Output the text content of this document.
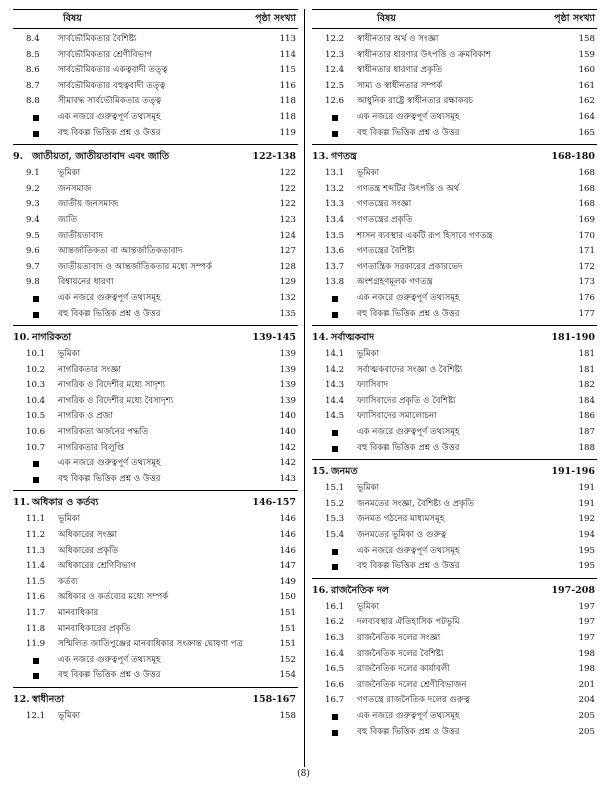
বিষয়	পৃষ্ঠা সংখ্যা
8.4 সার্বভৌমিকতার বৈশিষ্ট্য	113
8.5 সার্বভৌমিকতার শ্রেণীবিভাগ	114
8.6 সার্বভৌমিকতার একত্ববাদী তত্ত্ব	115
8.7 সার্বভৌমিকতার বহুত্ববাদী তত্ত্ব	116
8.8 সীমাবদ্ধ সার্বভৌমিকতার তত্ত্ব	118
এক নজরে গুরুত্বপূর্ণ তথ্যসমূহ	118
বহু বিকল্প ভিত্তিক প্রশ্ন ও উত্তর	119
9. জাতীয়তা, জাতীয়তাবাদ এবং জাতি	122-138
9.1 ভূমিকা	122
9.2 জনসমাজ	122
9.3 জাতীয় জনসমাজ	122
9.4 জাতি	123
9.5 জাতীয়তাবাদ	124
9.6 আন্তর্জাতিকতা বা আন্তর্জাতিকতাবাদ	127
9.7 জাতীয়তাবাদ ও আন্তর্জাতিকতার মধ্যে সম্পর্ক	128
9.8 বিশ্বায়নের ধারণা	129
এক নজরে গুরুত্বপূর্ণ তথ্যসমূহ	132
বহু বিকল্প ভিত্তিক প্রশ্ন ও উত্তর	135
10. নাগরিকতা	139-145
10.1 ভূমিকা	139
10.2 নাগরিকতার সংজ্ঞা	139
10.3 নাগরিক ও বিদেশীর মধ্যে সাদৃশ্য	139
10.4 নাগরিক ও বিদেশীর মধ্যে বৈসাদৃশ্য	139
10.5 নাগরিক ও প্রজা	140
10.6 নাগরিকতা অর্জনের পদ্ধতি	140
10.7 নাগরিকতার বিলুপ্তি	142
এক নজরে গুরুত্বপূর্ণ তথ্যসমূহ	142
বহু বিকল্প ভিত্তিক প্রশ্ন ও উত্তর	143
11. অধিকার ও কর্তব্য	146-157
11.1 ভূমিকা	146
11.2 অধিকারের সংজ্ঞা	146
11.3 অধিকারের প্রকৃতি	146
11.4 অধিকারের শ্রেণিবিভাগ	147
11.5 কর্তব্য	149
11.6 অধিকার ও কর্তব্যের মধ্যে সম্পর্ক	150
11.7 মানবাধিকার	151
11.8 মানবাধিকারের প্রকৃতি	151
11.9 সম্মিলিত জাতিপুঞ্জের মানবাধিকার সংক্রান্ত ঘোষণা পত্র	151
এক নজরে গুরুত্বপূর্ণ তথ্যসমূহ	152
বহু বিকল্প ভিত্তিক প্রশ্ন ও উত্তর	154
12. স্বাধীনতা	158-167
12.1 ভূমিকা	158
বিষয়	পৃষ্ঠা সংখ্যা
12.2 স্বাধীনতার অর্থ ও সংজ্ঞা	158
12.3 স্বাধীনতার ধারণার উৎপত্তি ও ক্রমবিকাশ	159
12.4 স্বাধীনতার ধারণার প্রকৃতি	160
12.5 সাম্য ও স্বাধীনতার সম্পর্ক	161
12.6 আধুনিক রাষ্ট্রে স্বাধীনতার রক্ষাকবচ	162
এক নজরে গুরুত্বপূর্ণ তথ্যসমূহ	164
বহু বিকল্প ভিত্তিক প্রশ্ন ও উত্তর	165
13. গণতন্ত্র	168-180
13.1 ভূমিকা	168
13.2 গণতন্ত্র শব্দটির উৎপত্তি ও অর্থ	168
13.3 গণতন্ত্রের সংজ্ঞা	168
13.4 গণতন্ত্রের প্রকৃতি	169
13.5 শাসন ব্যবস্থার একটি রূপ হিসাবে গণতন্ত্র	170
13.6 গণতন্ত্রের বৈশিষ্ট্য	171
13.7 গণতান্ত্রিক সরকারের প্রকারভেদ	172
13.8 অংশগ্রহণমূলক গণতন্ত্র	173
এক নজরে গুরুত্বপূর্ণ তথ্যসমূহ	176
বহু বিকল্প ভিত্তিক প্রশ্ন ও উত্তর	177
14. সর্বাত্মকবাদ	181-190
14.1 ভূমিকা	181
14.2 সর্বাত্মকবাদের সংজ্ঞা ও বৈশিষ্ট্য	181
14.3 ফ্যাসিবাদ	182
14.4 ফ্যাসিবাদের প্রকৃতি ও বৈশিষ্ট্য	184
14.5 ফ্যাসিবাদের সমালোচনা	186
এক নজরে গুরুত্বপূর্ণ তথ্যসমূহ	187
বহু বিকল্প ভিত্তিক প্রশ্ন ও উত্তর	188
15. জনমত	191-196
15.1 ভূমিকা	191
15.2 জনমতের সংজ্ঞা, বৈশিষ্ট্য ও প্রকৃতি	191
15.3 জনমত গঠনের মাধ্যমসমূহ	192
15.4 জনমতের ভূমিকা ও গুরুত্ব	194
এক নজরে গুরুত্বপূর্ণ তথ্যসমূহ	195
বহু বিকল্প ভিত্তিক প্রশ্ন ও উত্তর	195
16. রাজনৈতিক দল	197-208
16.1 ভূমিকা	197
16.2 দলব্যবস্থার ঐতিহাসিক পটভূমি	197
16.3 রাজনৈতিক দলের সংজ্ঞা	197
16.4 রাজনৈতিক দলের বৈশিষ্ট্য	198
16.5 রাজনৈতিক দলের কার্যাবলী	198
16.6 রাজনৈতিক দলের শ্রেণীবিভাজন	201
16.7 গণতন্ত্রে রাজনৈতিক দলের গুরুত্ব	204
এক নজরে গুরুত্বপূর্ণ তথ্যসমূহ	205
বহু বিকল্প ভিত্তিক প্রশ্ন ও উত্তর	205
(8)
